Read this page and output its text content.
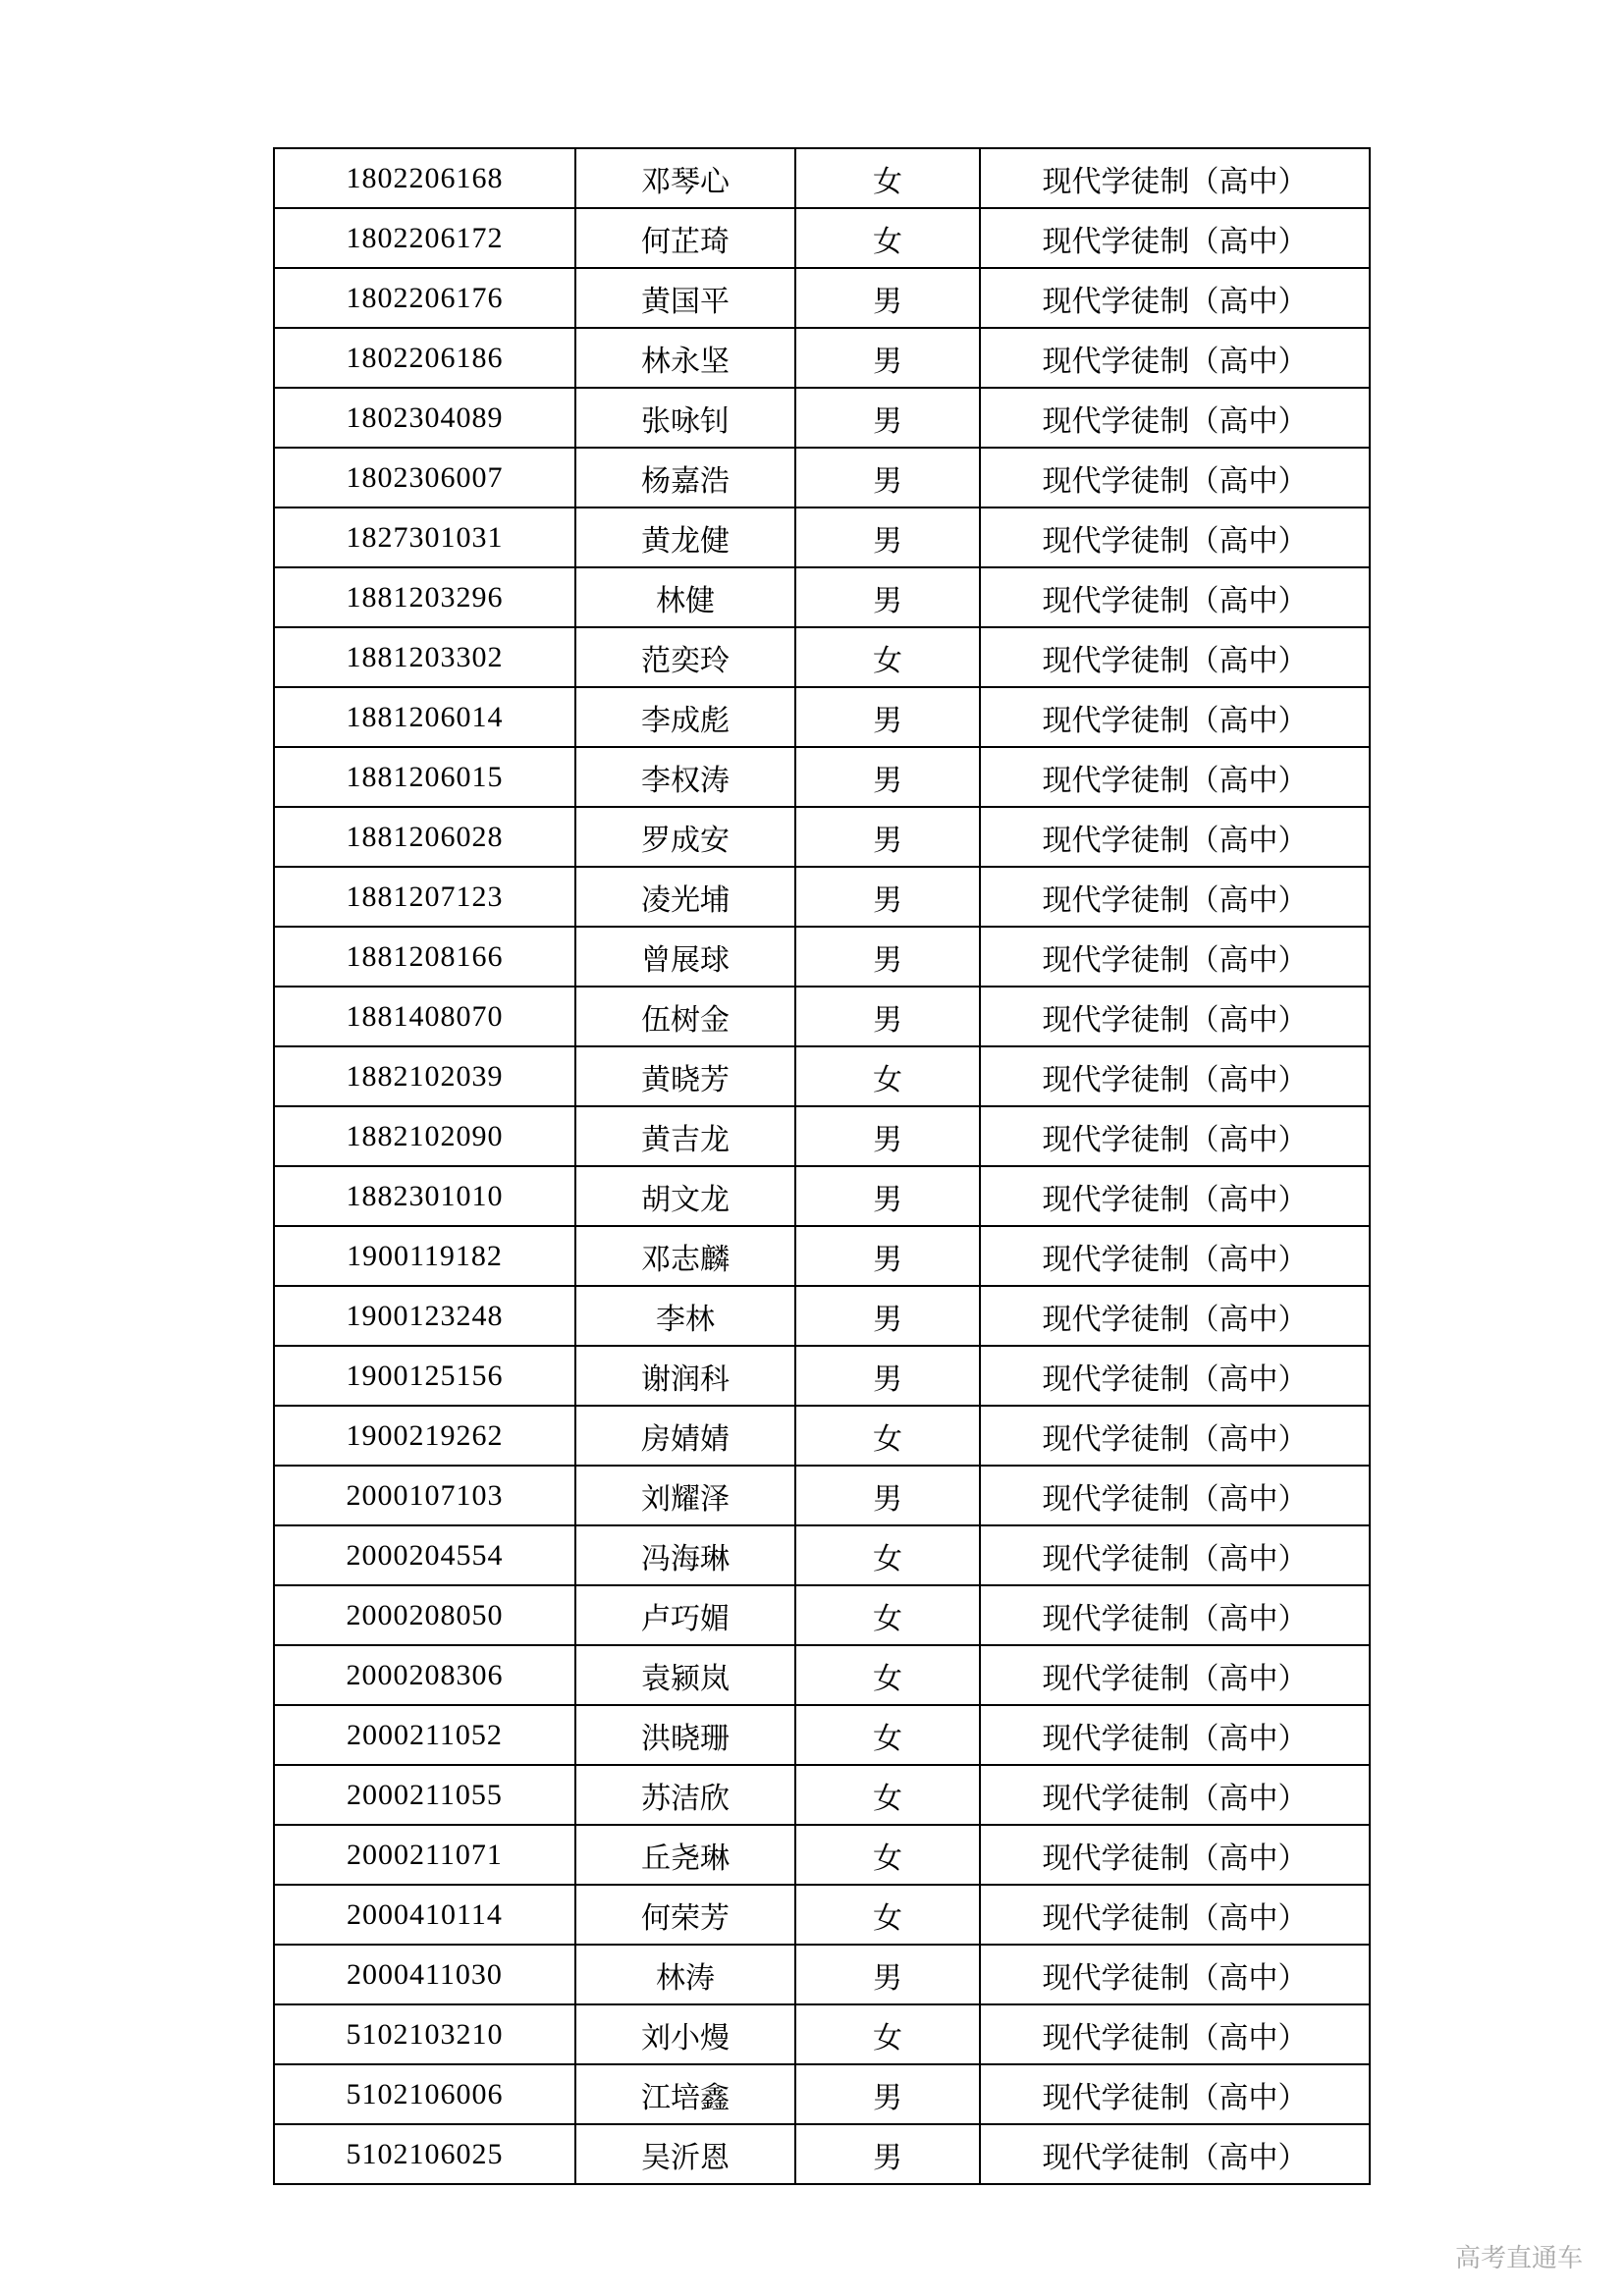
1802206168	邓琴心	女	现代学徒制（高中）
1802206172	何芷琦	女	现代学徒制（高中）
1802206176	黄国平	男	现代学徒制（高中）
1802206186	林永坚	男	现代学徒制（高中）
1802304089	张咏钊	男	现代学徒制（高中）
1802306007	杨嘉浩	男	现代学徒制（高中）
1827301031	黄龙健	男	现代学徒制（高中）
1881203296	林健	男	现代学徒制（高中）
1881203302	范奕玲	女	现代学徒制（高中）
1881206014	李成彪	男	现代学徒制（高中）
1881206015	李权涛	男	现代学徒制（高中）
1881206028	罗成安	男	现代学徒制（高中）
1881207123	凌光埔	男	现代学徒制（高中）
1881208166	曾展球	男	现代学徒制（高中）
1881408070	伍树金	男	现代学徒制（高中）
1882102039	黄晓芳	女	现代学徒制（高中）
1882102090	黄吉龙	男	现代学徒制（高中）
1882301010	胡文龙	男	现代学徒制（高中）
1900119182	邓志麟	男	现代学徒制（高中）
1900123248	李林	男	现代学徒制（高中）
1900125156	谢润科	男	现代学徒制（高中）
1900219262	房婧婧	女	现代学徒制（高中）
2000107103	刘耀泽	男	现代学徒制（高中）
2000204554	冯海琳	女	现代学徒制（高中）
2000208050	卢巧媚	女	现代学徒制（高中）
2000208306	袁颍岚	女	现代学徒制（高中）
2000211052	洪晓珊	女	现代学徒制（高中）
2000211055	苏洁欣	女	现代学徒制（高中）
2000211071	丘尧琳	女	现代学徒制（高中）
2000410114	何荣芳	女	现代学徒制（高中）
2000411030	林涛	男	现代学徒制（高中）
5102103210	刘小熳	女	现代学徒制（高中）
5102106006	江培鑫	男	现代学徒制（高中）
5102106025	吴沂恩	男	现代学徒制（高中）
高考直通车
